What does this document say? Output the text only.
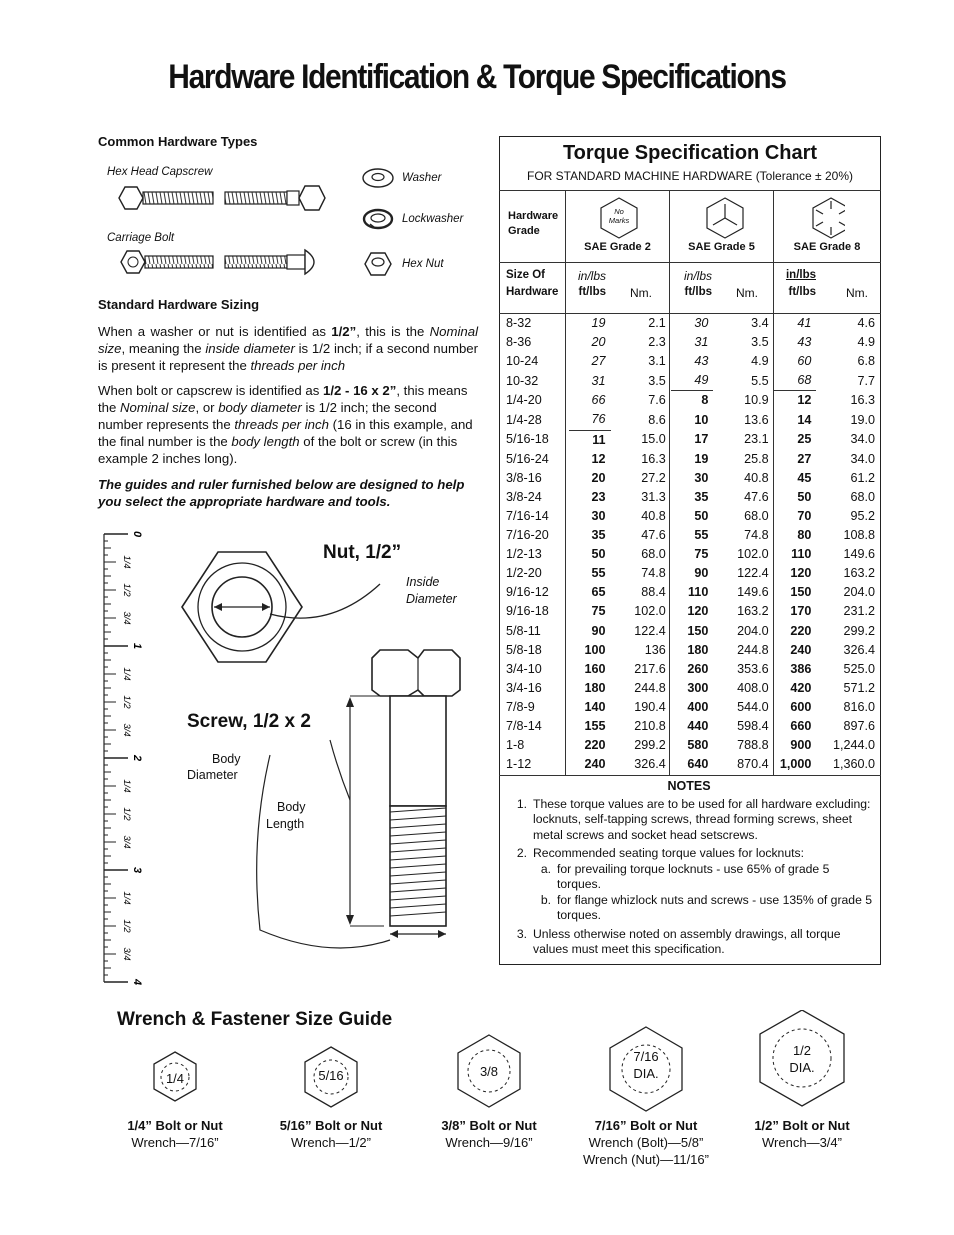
Hardware Identification & Torque Specifications
Common Hardware Types
Hex Head Capscrew
Carriage Bolt
Washer
Lockwasher
Hex Nut
Standard Hardware Sizing
When a washer or nut is identified as 1/2”, this is the Nominal size, meaning the inside diameter is 1/2 inch; if a second number is present it represent the threads per inch
When bolt or capscrew is identified as 1/2 - 16 x 2”, this means the Nominal size, or body diameter is 1/2 inch; the second number represents the threads per inch (16 in this example, and the final number is the body length of the bolt or screw (in this example 2 inches long).
The guides and ruler furnished below are designed to help you select the appropriate hardware and tools.
0
1/4
1/2
3/4
1
1/4
1/2
3/4
2
1/4
1/2
3/4
3
1/4
1/2
3/4
4
Nut, 1/2”
Inside
Diameter
Screw, 1/2 x 2
Body
Diameter
Body
Length
Torque Specification Chart
FOR STANDARD MACHINE HARDWARE (Tolerance ± 20%)
Hardware
Grade
No
Marks
SAE Grade 2	SAE Grade 5	SAE Grade 8
Size Of
Hardware
in/lbs
ft/lbs	Nm.
in/lbs
ft/lbs	Nm.
in/lbs
ft/lbs	Nm.
8-32	19	2.1	30	3.4	41	4.6
8-36	20	2.3	31	3.5	43	4.9
10-24	27	3.1	43	4.9	60	6.8
10-32	31	3.5	49	5.5	68	7.7
1/4-20	66	7.6	8	10.9	12	16.3
1/4-28	76	8.6	10	13.6	14	19.0
5/16-18	11	15.0	17	23.1	25	34.0
5/16-24	12	16.3	19	25.8	27	34.0
3/8-16	20	27.2	30	40.8	45	61.2
3/8-24	23	31.3	35	47.6	50	68.0
7/16-14	30	40.8	50	68.0	70	95.2
7/16-20	35	47.6	55	74.8	80	108.8
1/2-13	50	68.0	75	102.0	110	149.6
1/2-20	55	74.8	90	122.4	120	163.2
9/16-12	65	88.4	110	149.6	150	204.0
9/16-18	75	102.0	120	163.2	170	231.2
5/8-11	90	122.4	150	204.0	220	299.2
5/8-18	100	136	180	244.8	240	326.4
3/4-10	160	217.6	260	353.6	386	525.0
3/4-16	180	244.8	300	408.0	420	571.2
7/8-9	140	190.4	400	544.0	600	816.0
7/8-14	155	210.8	440	598.4	660	897.6
1-8	220	299.2	580	788.8	900	1,244.0
1-12	240	326.4	640	870.4	1,000	1,360.0
NOTES
1. These torque values are to be used for all hardware excluding: locknuts, self-tapping screws, thread forming screws, sheet metal screws and socket head setscrews.
2. Recommended seating torque values for locknuts:
a. for prevailing torque locknuts - use 65% of grade 5 torques.
b. for flange whizlock nuts and screws - use 135% of grade 5 torques.
3. Unless otherwise noted on assembly drawings, all torque values must meet this specification.
Wrench & Fastener Size Guide
1/4	5/16	3/8
7/16
DIA.
1/2
DIA.
1/4” Bolt or Nut
Wrench—7/16”
5/16” Bolt or Nut
Wrench—1/2”
3/8” Bolt or Nut
Wrench—9/16”
7/16” Bolt or Nut
Wrench (Bolt)—5/8”
Wrench (Nut)—11/16”
1/2” Bolt or Nut
Wrench—3/4”
